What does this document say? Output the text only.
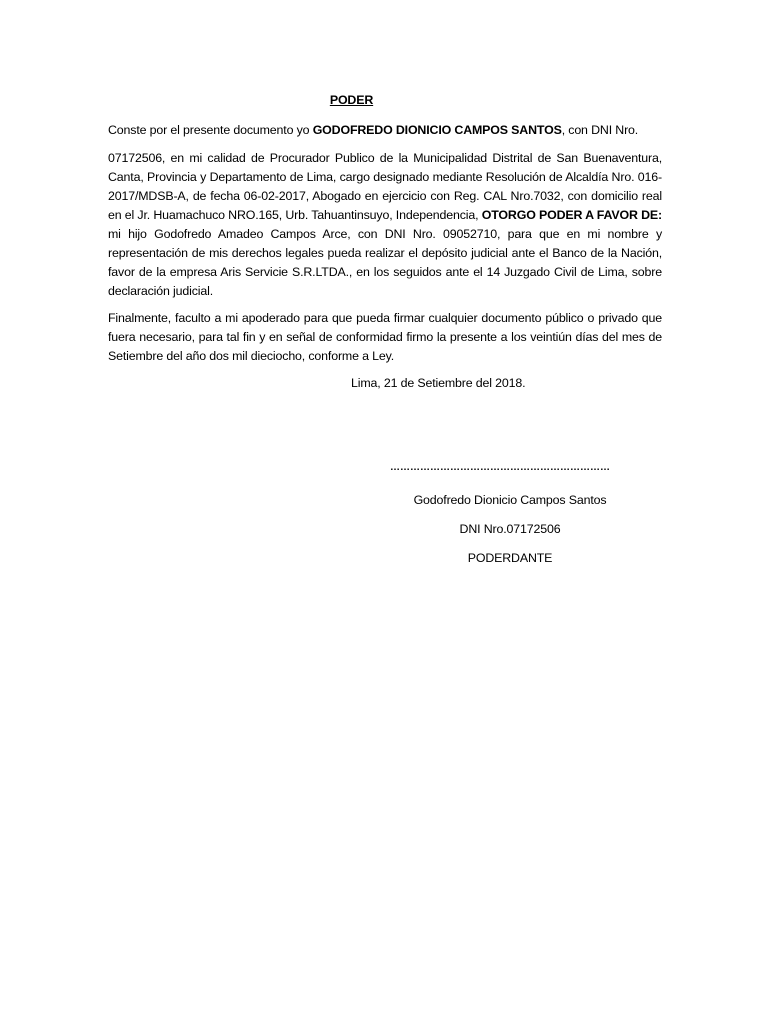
PODER
Conste por el presente documento yo GODOFREDO DIONICIO CAMPOS SANTOS, con DNI Nro.
07172506, en mi calidad de Procurador Publico de la Municipalidad Distrital de San Buenaventura, Canta, Provincia y Departamento de Lima, cargo designado mediante Resolución de Alcaldía Nro. 016-2017/MDSB-A, de fecha 06-02-2017, Abogado en ejercicio con Reg. CAL Nro.7032, con domicilio real en el Jr. Huamachuco NRO.165, Urb. Tahuantinsuyo, Independencia, OTORGO PODER A FAVOR DE: mi hijo Godofredo Amadeo Campos Arce, con DNI Nro. 09052710, para que en mi nombre y representación de mis derechos legales pueda realizar el depósito judicial ante el Banco de la Nación, favor de la empresa Aris Servicie S.R.LTDA., en los seguidos ante el 14 Juzgado Civil de Lima, sobre declaración judicial.
Finalmente, faculto a mi apoderado para que pueda firmar cualquier documento público o privado que fuera necesario, para tal fin y en señal de conformidad firmo la presente a los veintiún días del mes de Setiembre del año dos mil dieciocho, conforme a Ley.
Lima, 21 de Setiembre del 2018.
…………………………………………………………
Godofredo Dionicio Campos Santos
DNI Nro.07172506
PODERDANTE
